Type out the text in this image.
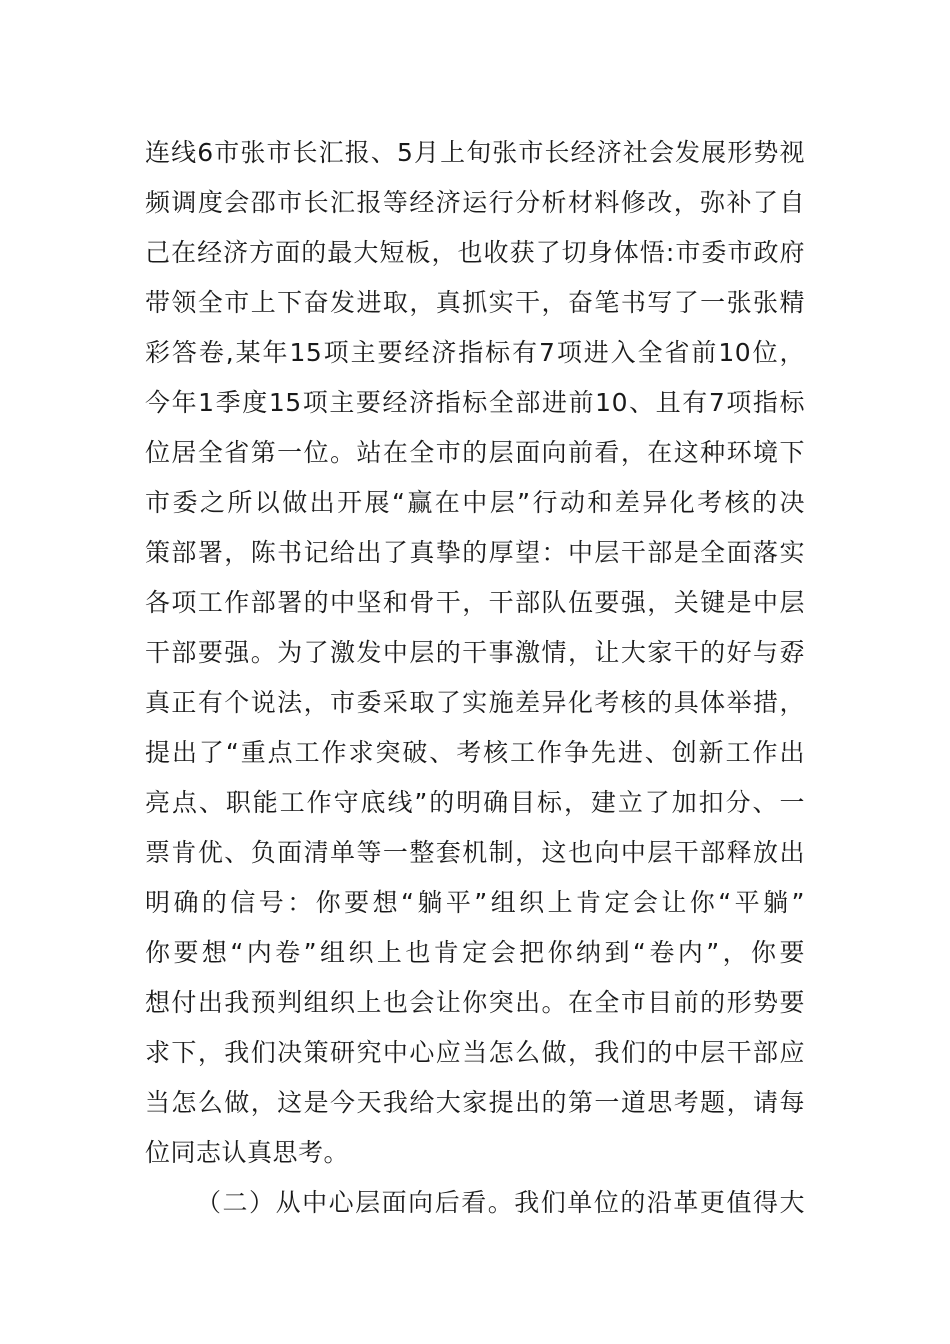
连线6市张市长汇报、5月上旬张市长经济社会发展形势视
频调度会邵市长汇报等经济运行分析材料修改，弥补了自
己在经济方面的最大短板，也收获了切身体悟:市委市政府
带领全市上下奋发进取，真抓实干，奋笔书写了一张张精
彩答卷,某年15项主要经济指标有7项进入全省前10位，
今年1季度15项主要经济指标全部进前10、且有7项指标
位居全省第一位。站在全市的层面向前看，在这种环境下
市委之所以做出开展“赢在中层”行动和差异化考核的决
策部署，陈书记给出了真挚的厚望：中层干部是全面落实
各项工作部署的中坚和骨干，干部队伍要强，关键是中层
干部要强。为了激发中层的干事激情，让大家干的好与孬
真正有个说法，市委采取了实施差异化考核的具体举措，
提出了“重点工作求突破、考核工作争先进、创新工作出
亮点、职能工作守底线”的明确目标，建立了加扣分、一
票肯优、负面清单等一整套机制，这也向中层干部释放出
明确的信号：你要想“躺平”组织上肯定会让你“平躺”
你要想“内卷”组织上也肯定会把你纳到“卷内”，你要
想付出我预判组织上也会让你突出。在全市目前的形势要
求下，我们决策研究中心应当怎么做，我们的中层干部应
当怎么做，这是今天我给大家提出的第一道思考题，请每
位同志认真思考。
（二）从中心层面向后看。我们单位的沿革更值得大
